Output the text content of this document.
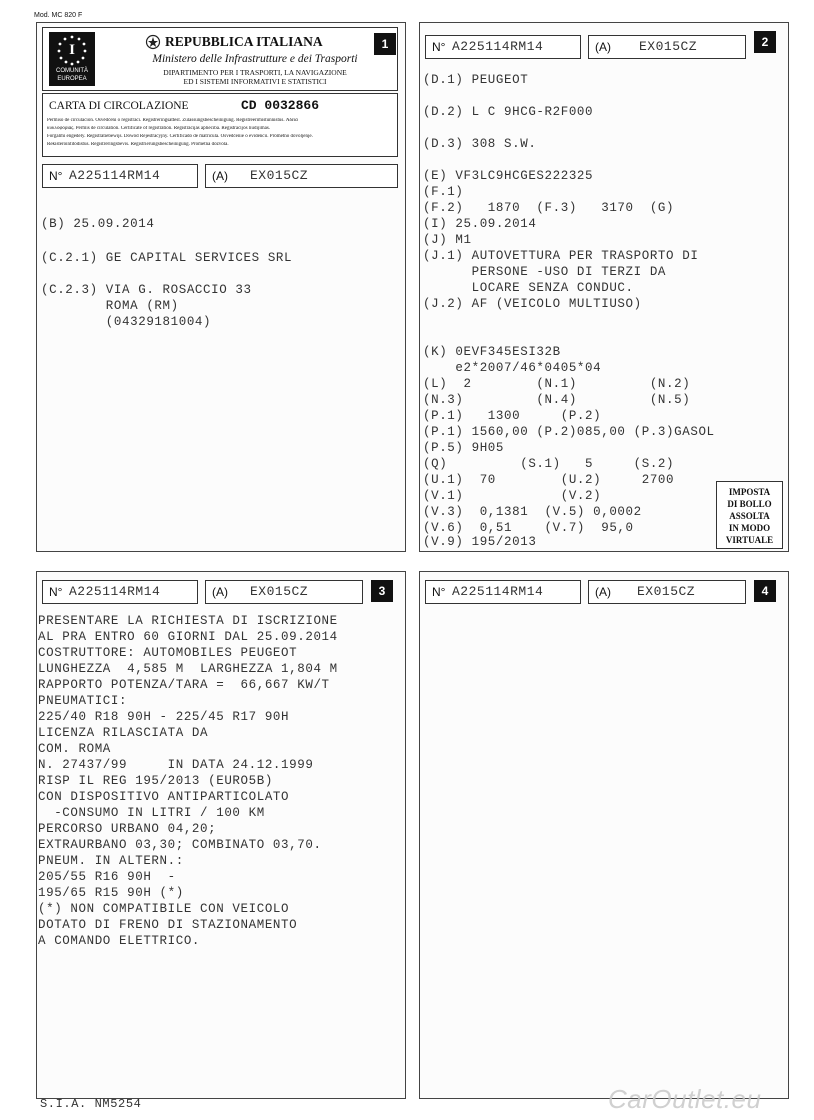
Mod. MC 820 F
I
COMUNITÀ
EUROPEA
REPUBBLICA ITALIANA
Ministero delle Infrastrutture e dei Trasporti
DIPARTIMENTO PER I TRASPORTI, LA NAVIGAZIONE
ED I SISTEMI INFORMATIVI E STATISTICI
1
CARTA DI CIRCOLAZIONE	CD 0032866
Permiso de circulación. Osvědčení o registraci. Registreringsattest. Zulassungsbescheinigung. Registreerimistunnistus. Άδεια
κυκλοφορίας. Permis de circulation. Certificate of registration. Reģistrācijas apliecība. Registracijos liudijimas.
Forgalmi engedély. Registratiebewijs. Dowód Rejestracyjny. Certificado de matrícula. Osvedčenie o evidencii. Prometno dovoljenje.
Rekisteröintitodistus. Registreringsbevis. Registrierungsbescheinigung. Prometna dozvola.
N° A225114RM14	(A) EX015CZ
(B) 25.09.2014
(C.2.1) GE CAPITAL SERVICES SRL
(C.2.3) VIA G. ROSACCIO 33
ROMA (RM)
(04329181004)
N° A225114RM14	(A) EX015CZ	2
(D.1) PEUGEOT
(D.2) L C 9HCG-R2F000
(D.3) 308 S.W.
(E) VF3LC9HCGES222325
(F.1)
(F.2)   1870  (F.3)   3170  (G)
(I) 25.09.2014
(J) M1
(J.1) AUTOVETTURA PER TRASPORTO DI
PERSONE -USO DI TERZI DA
LOCARE SENZA CONDUC.
(J.2) AF (VEICOLO MULTIUSO)
(K) 0EVF345ESI32B
e2*2007/46*0405*04
(L)  2        (N.1)         (N.2)
(N.3)         (N.4)         (N.5)
(P.1)   1300     (P.2)
(P.1) 1560,00 (P.2)085,00 (P.3)GASOL
(P.5) 9H05
(Q)         (S.1)   5     (S.2)
(U.1)  70        (U.2)     2700
(V.1)            (V.2)
(V.3)  0,1381  (V.5) 0,0002
(V.6)  0,51    (V.7)  95,0
(V.9) 195/2013
IMPOSTA
DI BOLLO
ASSOLTA
IN MODO
VIRTUALE
N° A225114RM14	(A) EX015CZ	3
PRESENTARE LA RICHIESTA DI ISCRIZIONE
AL PRA ENTRO 60 GIORNI DAL 25.09.2014
COSTRUTTORE: AUTOMOBILES PEUGEOT
LUNGHEZZA  4,585 M  LARGHEZZA 1,804 M
RAPPORTO POTENZA/TARA =  66,667 KW/T
PNEUMATICI:
225/40 R18 90H - 225/45 R17 90H
LICENZA RILASCIATA DA
COM. ROMA
N. 27437/99     IN DATA 24.12.1999
RISP IL REG 195/2013 (EURO5B)
CON DISPOSITIVO ANTIPARTICOLATO
-CONSUMO IN LITRI / 100 KM
PERCORSO URBANO 04,20;
EXTRAURBANO 03,30; COMBINATO 03,70.
PNEUM. IN ALTERN.:
205/55 R16 90H  -
195/65 R15 90H (*)
(*) NON COMPATIBILE CON VEICOLO
DOTATO DI FRENO DI STAZIONAMENTO
A COMANDO ELETTRICO.
N° A225114RM14	(A) EX015CZ	4
S.I.A. NM5254	CarOutlet.eu
